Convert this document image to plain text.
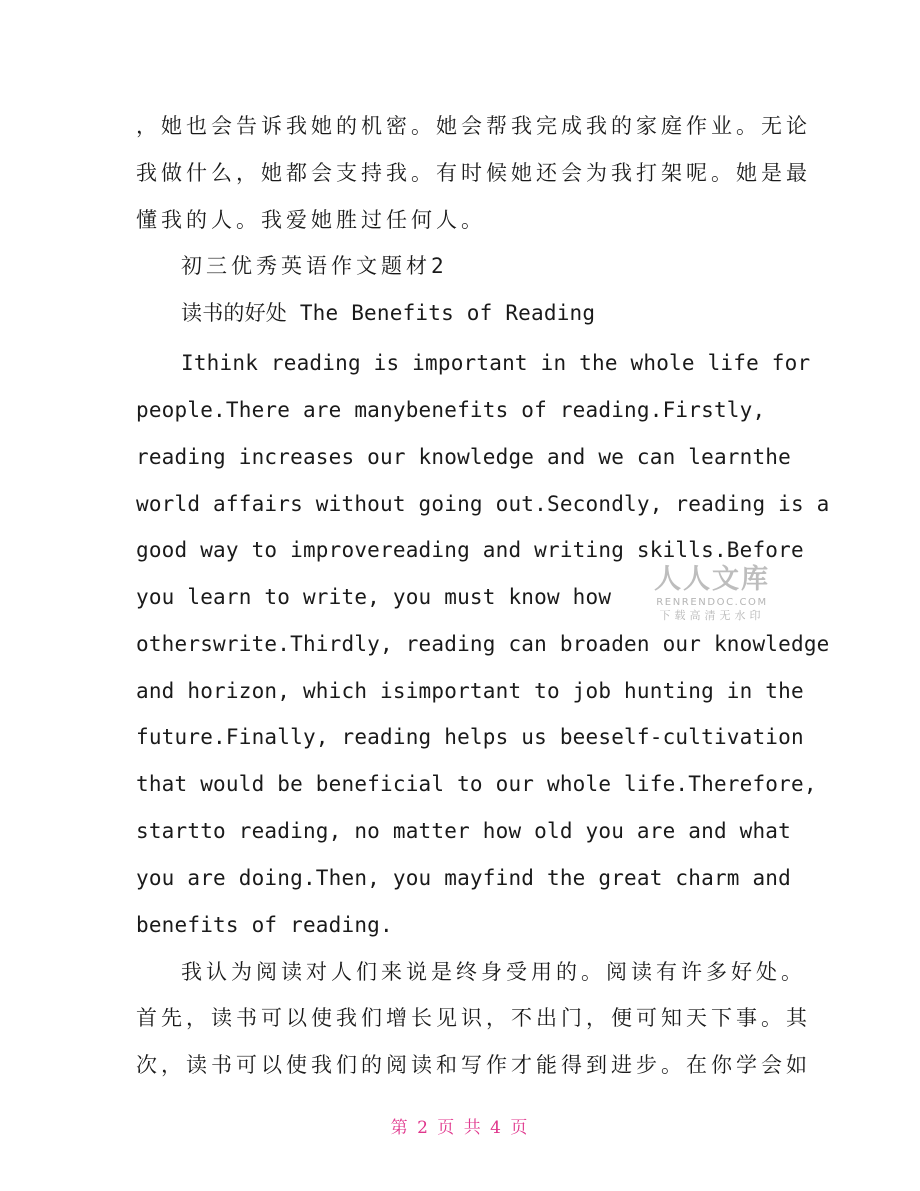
，她也会告诉我她的机密。她会帮我完成我的家庭作业。无论
我做什么，她都会支持我。有时候她还会为我打架呢。她是最
懂我的人。我爱她胜过任何人。
初三优秀英语作文题材2
读书的好处 The Benefits of Reading
Ithink reading is important in the whole life for
people.There are manybenefits of reading.Firstly,
reading increases our knowledge and we can learnthe
world affairs without going out.Secondly, reading is a
good way to improvereading and writing skills.Before
you learn to write, you must know how
otherswrite.Thirdly, reading can broaden our knowledge
and horizon, which isimportant to job hunting in the
future.Finally, reading helps us beeself-cultivation
that would be beneficial to our whole life.Therefore,
startto reading, no matter how old you are and what
you are doing.Then, you mayfind the great charm and
benefits of reading.
我认为阅读对人们来说是终身受用的。阅读有许多好处。
首先，读书可以使我们增长见识，不出门，便可知天下事。其
次，读书可以使我们的阅读和写作才能得到进步。在你学会如
人人文库
RENRENDOC.COM
下载高清无水印
第 2 页 共 4 页
